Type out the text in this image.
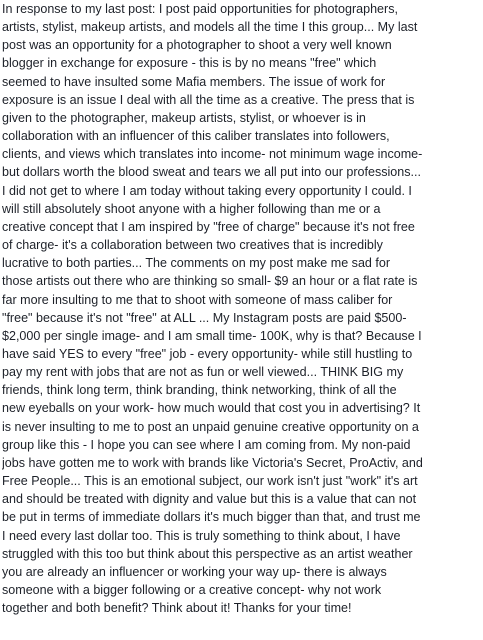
In response to my last post: I post paid opportunities for photographers,
artists, stylist, makeup artists, and models all the time I this group... My last
post was an opportunity for a photographer to shoot a very well known
blogger in exchange for exposure - this is by no means "free" which
seemed to have insulted some Mafia members. The issue of work for
exposure is an issue I deal with all the time as a creative. The press that is
given to the photographer, makeup artists, stylist, or whoever is in
collaboration with an influencer of this caliber translates into followers,
clients, and views which translates into income- not minimum wage income-
but dollars worth the blood sweat and tears we all put into our professions...
I did not get to where I am today without taking every opportunity I could. I
will still absolutely shoot anyone with a higher following than me or a
creative concept that I am inspired by "free of charge" because it's not free
of charge- it's a collaboration between two creatives that is incredibly
lucrative to both parties... The comments on my post make me sad for
those artists out there who are thinking so small- $9 an hour or a flat rate is
far more insulting to me that to shoot with someone of mass caliber for
"free" because it's not "free" at ALL ... My Instagram posts are paid $500-
$2,000 per single image- and I am small time- 100K, why is that? Because I
have said YES to every "free" job - every opportunity- while still hustling to
pay my rent with jobs that are not as fun or well viewed... THINK BIG my
friends, think long term, think branding, think networking, think of all the
new eyeballs on your work- how much would that cost you in advertising? It
is never insulting to me to post an unpaid genuine creative opportunity on a
group like this - I hope you can see where I am coming from. My non-paid
jobs have gotten me to work with brands like Victoria's Secret, ProActiv, and
Free People... This is an emotional subject, our work isn't just "work" it's art
and should be treated with dignity and value but this is a value that can not
be put in terms of immediate dollars it's much bigger than that, and trust me
I need every last dollar too. This is truly something to think about, I have
struggled with this too but think about this perspective as an artist weather
you are already an influencer or working your way up- there is always
someone with a bigger following or a creative concept- why not work
together and both benefit? Think about it! Thanks for your time!
